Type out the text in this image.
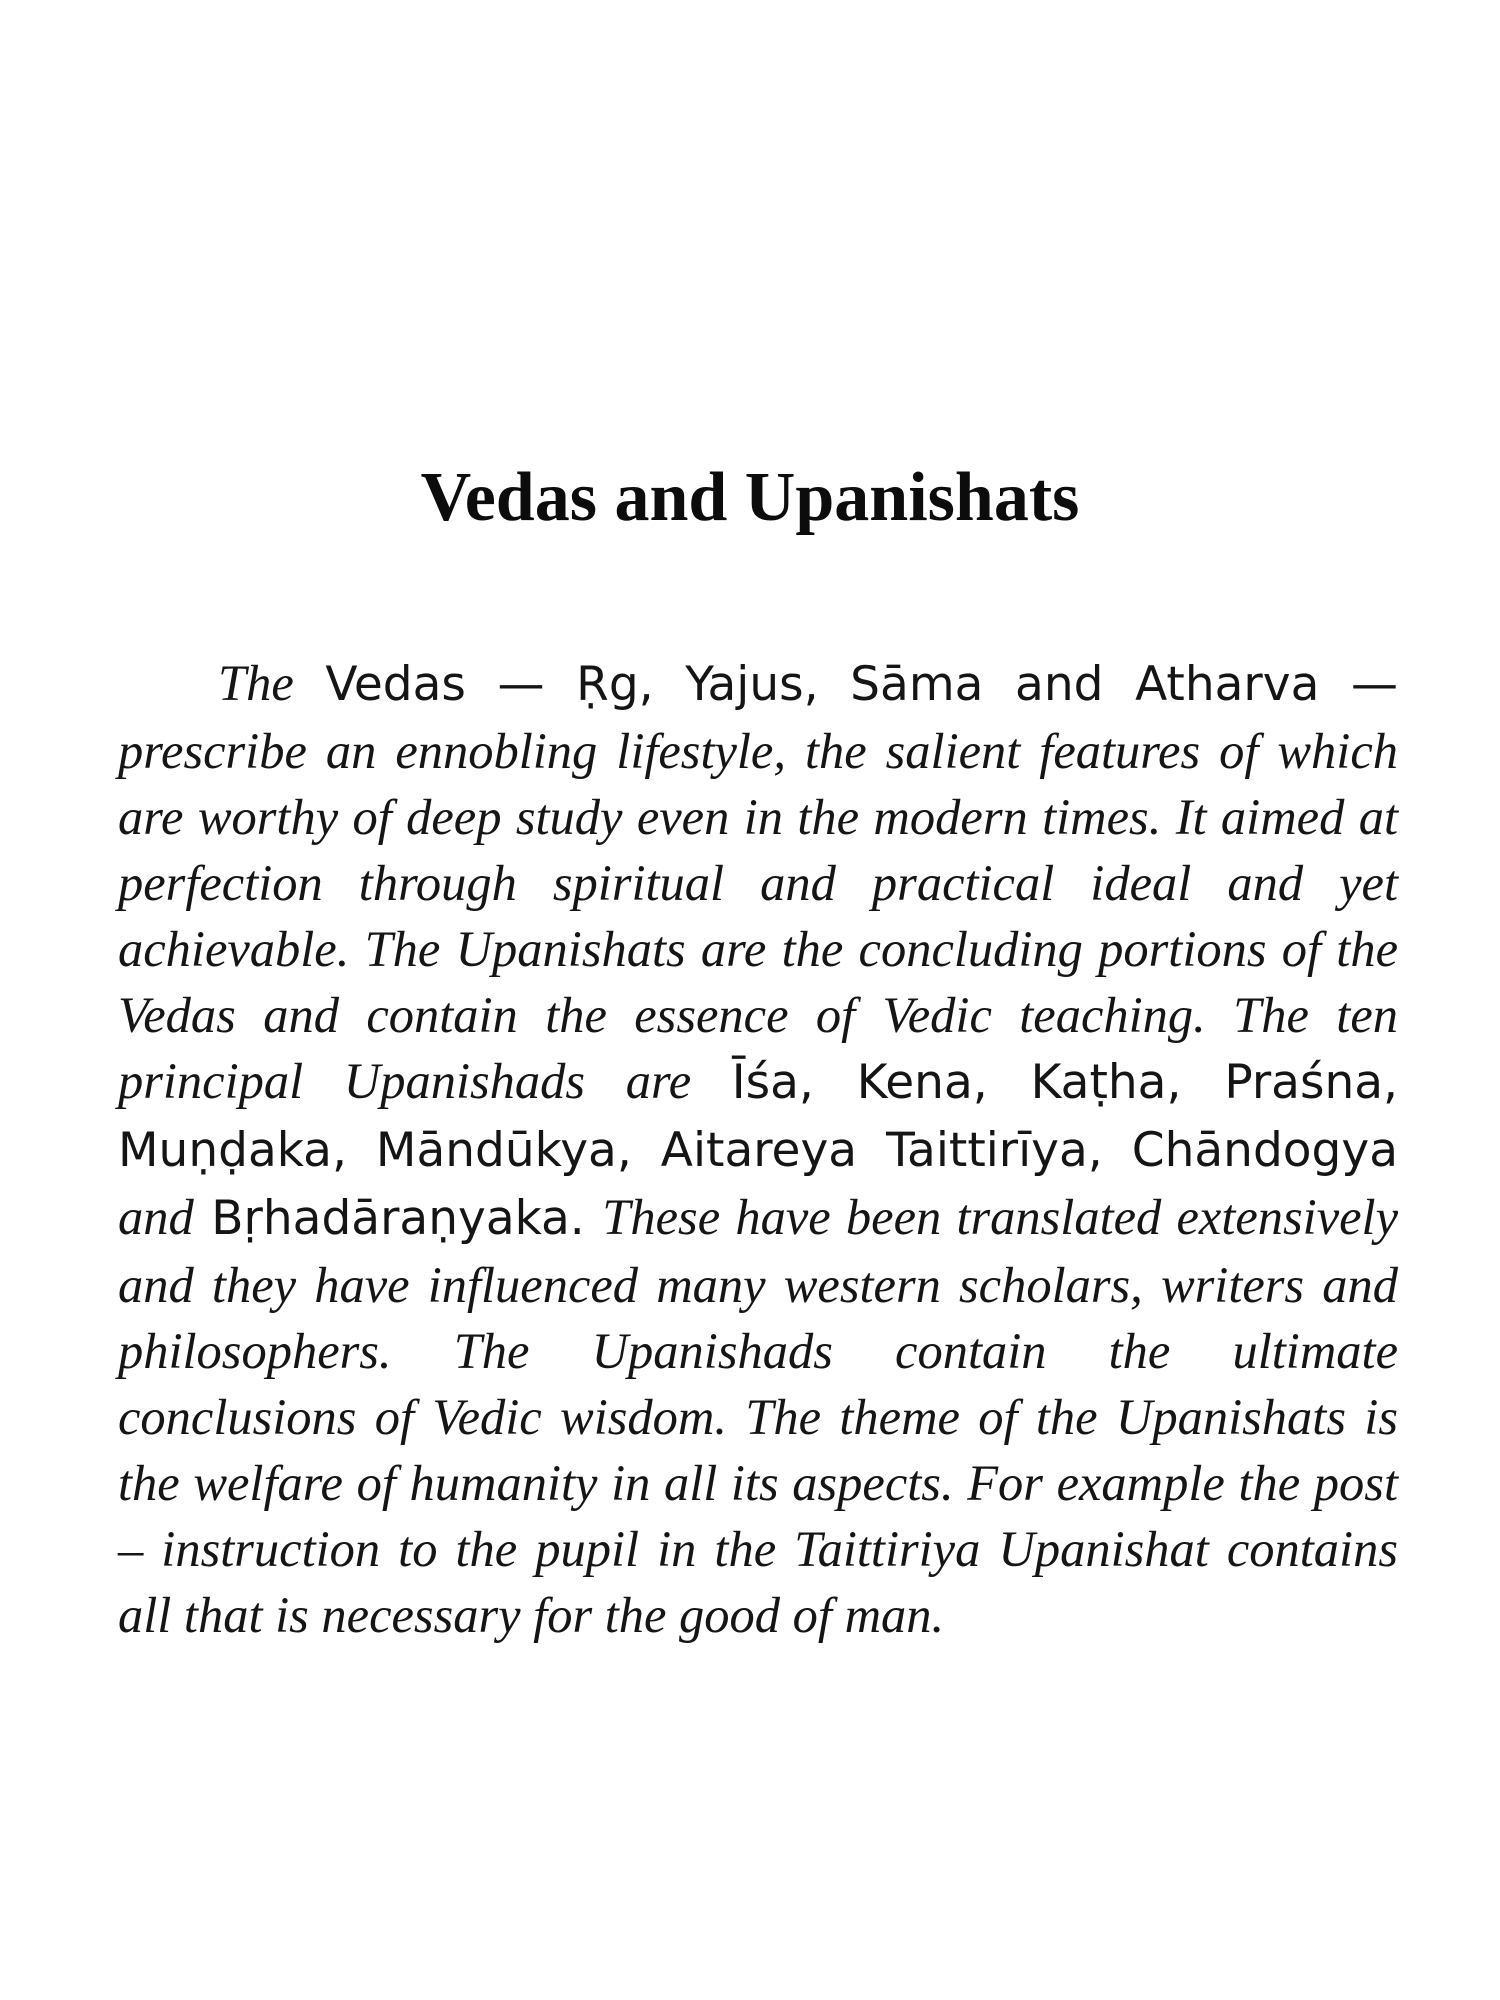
Vedas and Upanishats

The Vedas — Ṛg, Yajus, Sāma and Atharva — prescribe an ennobling lifestyle, the salient features of which are worthy of deep study even in the modern times. It aimed at perfection through spiritual and practical ideal and yet achievable. The Upanishats are the concluding portions of the Vedas and contain the essence of Vedic teaching. The ten principal Upanishads are Īśa, Kena, Kaṭha, Praśna, Muṇḍaka, Māndūkya, Aitareya Taittirīya, Chāndogya and Bṛhadāraṇyaka. These have been translated extensively and they have influenced many western scholars, writers and philosophers. The Upanishads contain the ultimate conclusions of Vedic wisdom. The theme of the Upanishats is the welfare of humanity in all its aspects. For example the post – instruction to the pupil in the Taittiriya Upanishat contains all that is necessary for the good of man.
